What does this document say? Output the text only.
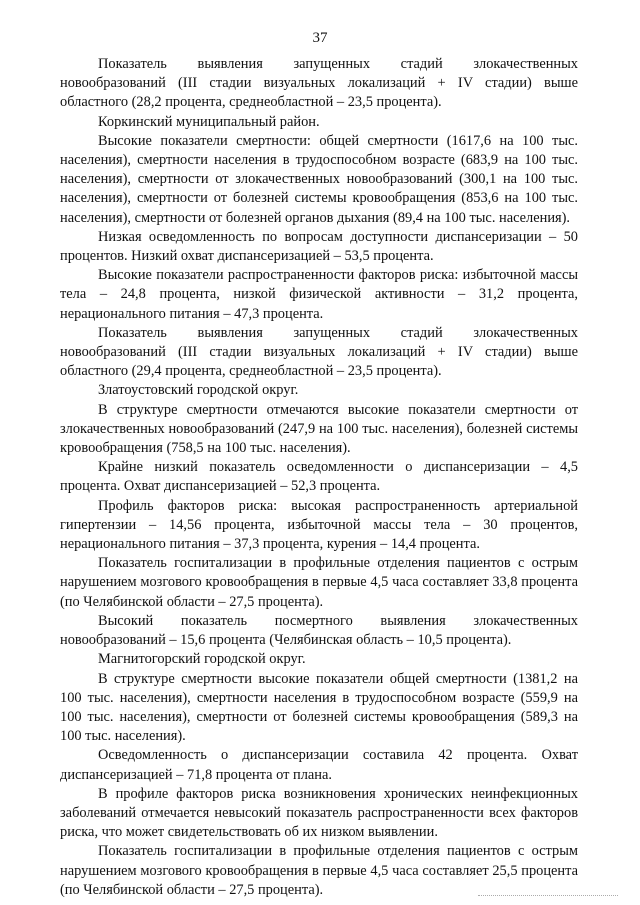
37

Показатель выявления запущенных стадий злокачественных новообразований (III стадии визуальных локализаций + IV стадии) выше областного (28,2 процента, среднеобластной – 23,5 процента).

Коркинский муниципальный район.

Высокие показатели смертности: общей смертности (1617,6 на 100 тыс. населения), смертности населения в трудоспособном возрасте (683,9 на 100 тыс. населения), смертности от злокачественных новообразований (300,1 на 100 тыс. населения), смертности от болезней системы кровообращения (853,6 на 100 тыс. населения), смертности от болезней органов дыхания (89,4 на 100 тыс. населения).

Низкая осведомленность по вопросам доступности диспансеризации – 50 процентов. Низкий охват диспансеризацией – 53,5 процента.

Высокие показатели распространенности факторов риска: избыточной массы тела – 24,8 процента, низкой физической активности – 31,2 процента, нерационального питания – 47,3 процента.

Показатель выявления запущенных стадий злокачественных новообразований (III стадии визуальных локализаций + IV стадии) выше областного (29,4 процента, среднеобластной – 23,5 процента).

Златоустовский городской округ.

В структуре смертности отмечаются высокие показатели смертности от злокачественных новообразований (247,9 на 100 тыс. населения), болезней системы кровообращения (758,5 на 100 тыс. населения).

Крайне низкий показатель осведомленности о диспансеризации – 4,5 процента. Охват диспансеризацией – 52,3 процента.

Профиль факторов риска: высокая распространенность артериальной гипертензии – 14,56 процента, избыточной массы тела – 30 процентов, нерационального питания – 37,3 процента, курения – 14,4 процента.

Показатель госпитализации в профильные отделения пациентов с острым нарушением мозгового кровообращения в первые 4,5 часа составляет 33,8 процента (по Челябинской области – 27,5 процента).

Высокий показатель посмертного выявления злокачественных новообразований – 15,6 процента (Челябинская область – 10,5 процента).

Магнитогорский городской округ.

В структуре смертности высокие показатели общей смертности (1381,2 на 100 тыс. населения), смертности населения в трудоспособном возрасте (559,9 на 100 тыс. населения), смертности от болезней системы кровообращения (589,3 на 100 тыс. населения).

Осведомленность о диспансеризации составила 42 процента. Охват диспансеризацией – 71,8 процента от плана.

В профиле факторов риска возникновения хронических неинфекционных заболеваний отмечается невысокий показатель распространенности всех факторов риска, что может свидетельствовать об их низком выявлении.

Показатель госпитализации в профильные отделения пациентов с острым нарушением мозгового кровообращения в первые 4,5 часа составляет 25,5 процента (по Челябинской области – 27,5 процента).
